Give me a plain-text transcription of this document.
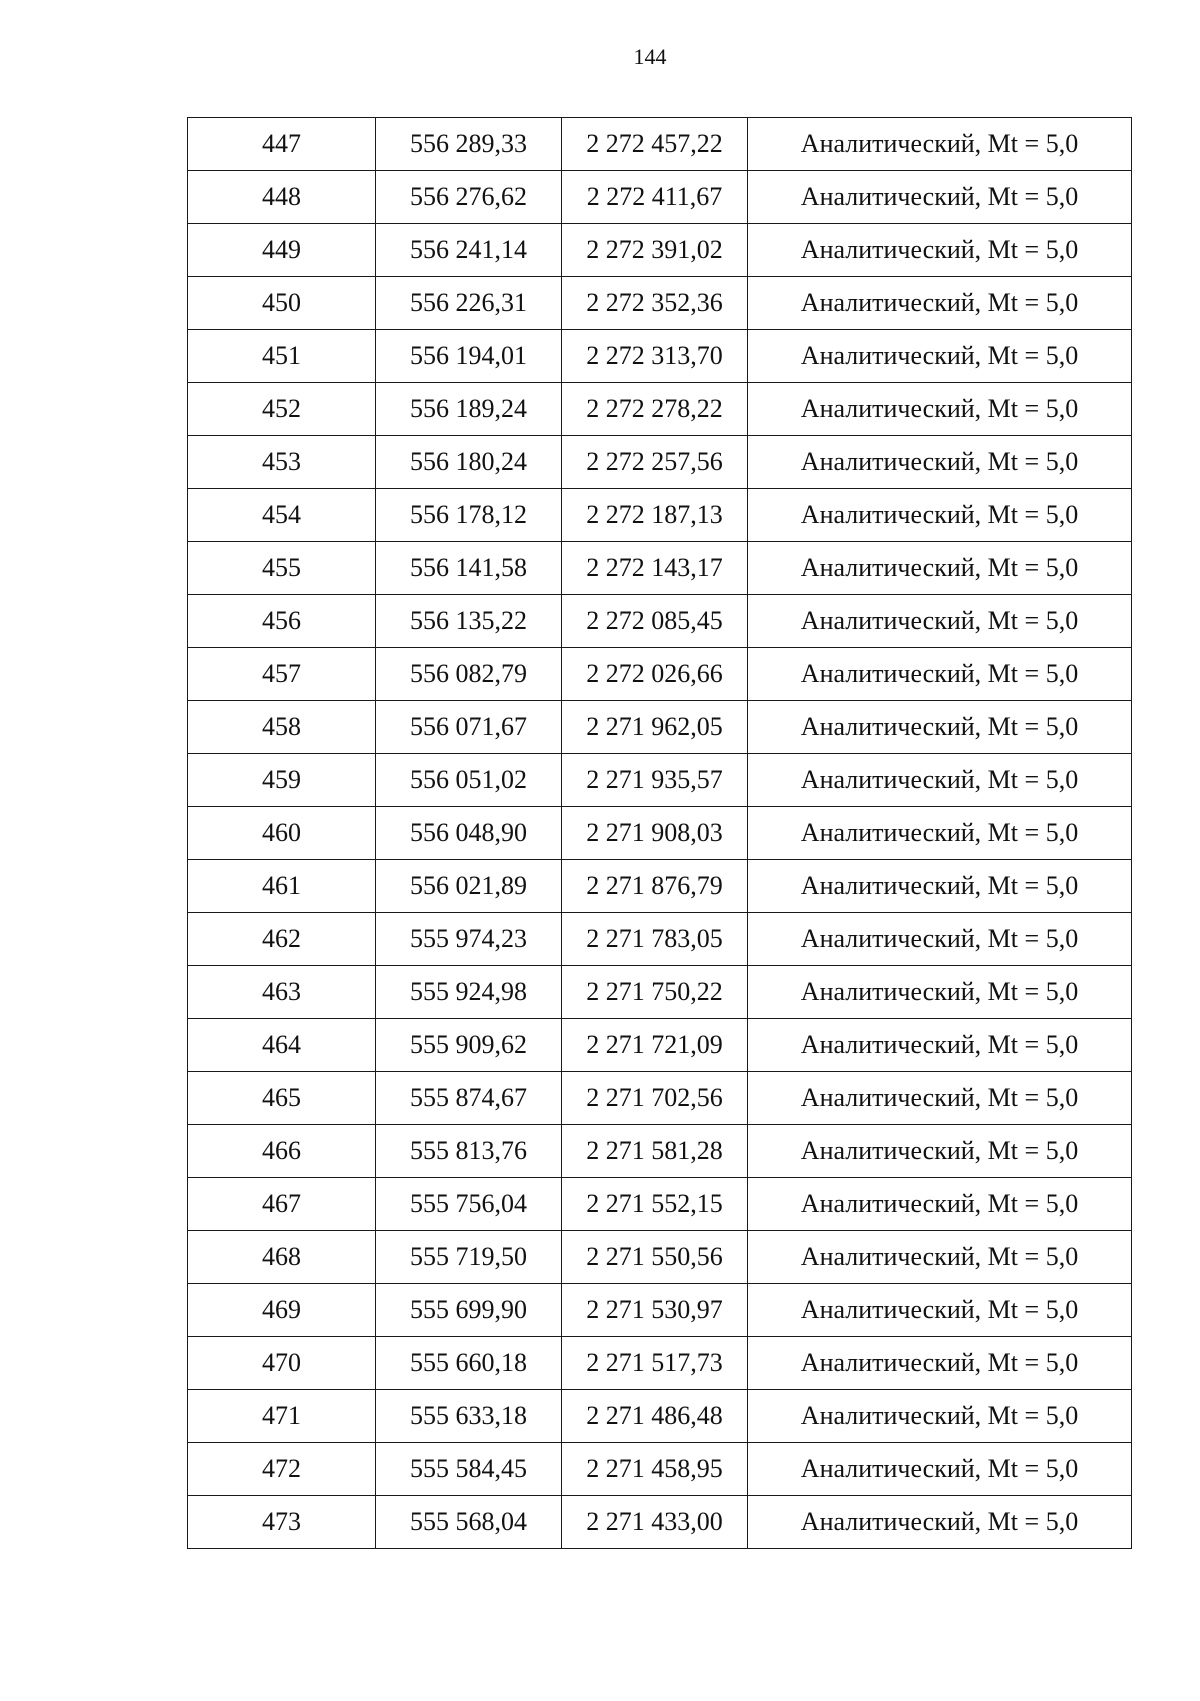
144
447	556 289,33	2 272 457,22	Аналитический, Mt = 5,0
448	556 276,62	2 272 411,67	Аналитический, Mt = 5,0
449	556 241,14	2 272 391,02	Аналитический, Mt = 5,0
450	556 226,31	2 272 352,36	Аналитический, Mt = 5,0
451	556 194,01	2 272 313,70	Аналитический, Mt = 5,0
452	556 189,24	2 272 278,22	Аналитический, Mt = 5,0
453	556 180,24	2 272 257,56	Аналитический, Mt = 5,0
454	556 178,12	2 272 187,13	Аналитический, Mt = 5,0
455	556 141,58	2 272 143,17	Аналитический, Mt = 5,0
456	556 135,22	2 272 085,45	Аналитический, Mt = 5,0
457	556 082,79	2 272 026,66	Аналитический, Mt = 5,0
458	556 071,67	2 271 962,05	Аналитический, Mt = 5,0
459	556 051,02	2 271 935,57	Аналитический, Mt = 5,0
460	556 048,90	2 271 908,03	Аналитический, Mt = 5,0
461	556 021,89	2 271 876,79	Аналитический, Mt = 5,0
462	555 974,23	2 271 783,05	Аналитический, Mt = 5,0
463	555 924,98	2 271 750,22	Аналитический, Mt = 5,0
464	555 909,62	2 271 721,09	Аналитический, Mt = 5,0
465	555 874,67	2 271 702,56	Аналитический, Mt = 5,0
466	555 813,76	2 271 581,28	Аналитический, Mt = 5,0
467	555 756,04	2 271 552,15	Аналитический, Mt = 5,0
468	555 719,50	2 271 550,56	Аналитический, Mt = 5,0
469	555 699,90	2 271 530,97	Аналитический, Mt = 5,0
470	555 660,18	2 271 517,73	Аналитический, Mt = 5,0
471	555 633,18	2 271 486,48	Аналитический, Mt = 5,0
472	555 584,45	2 271 458,95	Аналитический, Mt = 5,0
473	555 568,04	2 271 433,00	Аналитический, Mt = 5,0
